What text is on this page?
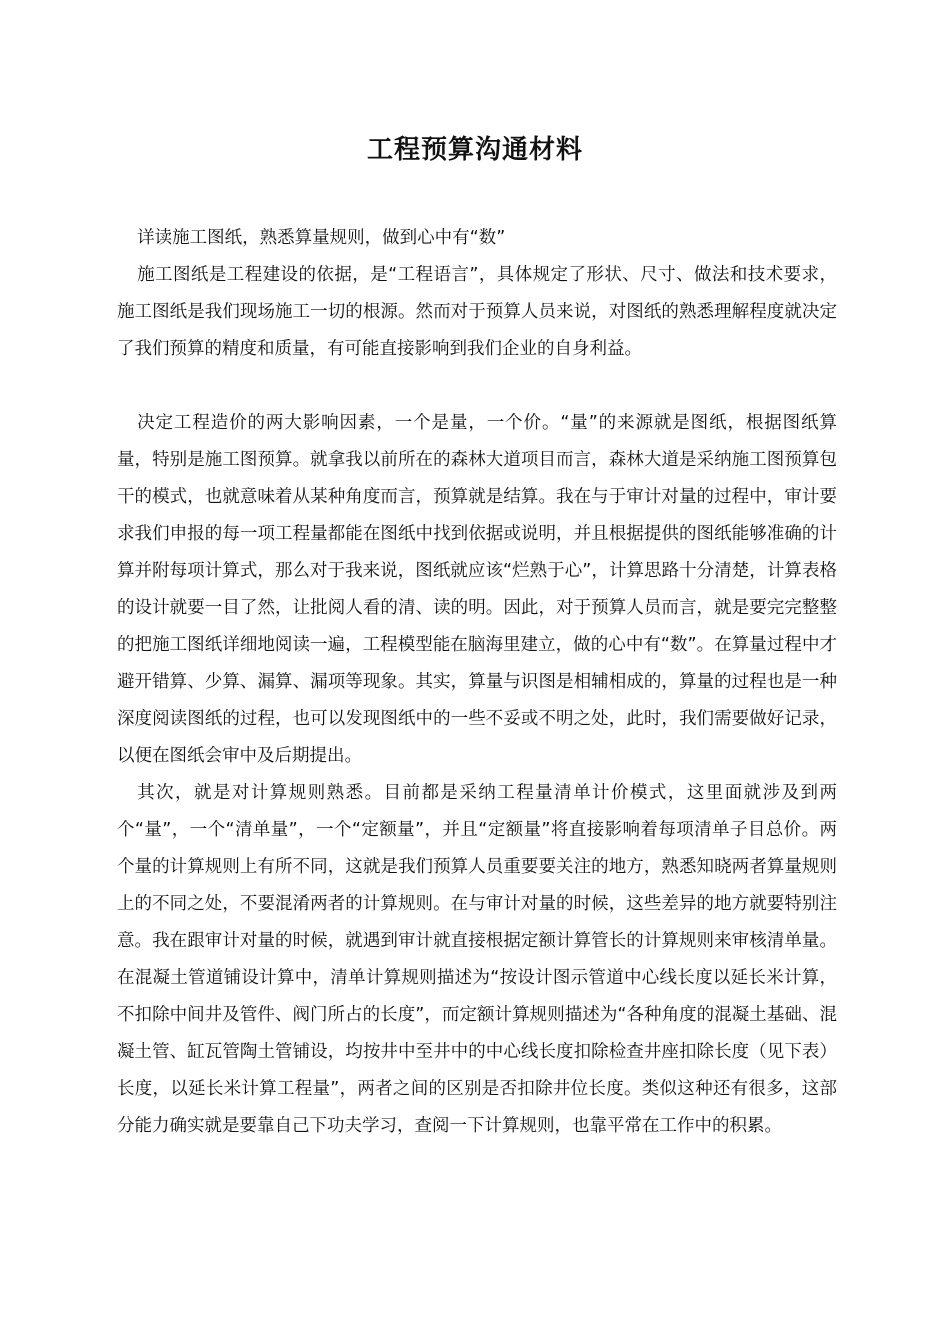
工程预算沟通材料

详读施工图纸，熟悉算量规则，做到心中有“数”

施工图纸是工程建设的依据，是“工程语言”，具体规定了形状、尺寸、做法和技术要求，施工图纸是我们现场施工一切的根源。然而对于预算人员来说，对图纸的熟悉理解程度就决定了我们预算的精度和质量，有可能直接影响到我们企业的自身利益。

决定工程造价的两大影响因素，一个是量，一个价。“量”的来源就是图纸，根据图纸算量，特别是施工图预算。就拿我以前所在的森林大道项目而言，森林大道是采纳施工图预算包干的模式，也就意味着从某种角度而言，预算就是结算。我在与于审计对量的过程中，审计要求我们申报的每一项工程量都能在图纸中找到依据或说明，并且根据提供的图纸能够准确的计算并附每项计算式，那么对于我来说，图纸就应该“烂熟于心”，计算思路十分清楚，计算表格的设计就要一目了然，让批阅人看的清、读的明。因此，对于预算人员而言，就是要完完整整的把施工图纸详细地阅读一遍，工程模型能在脑海里建立，做的心中有“数”。在算量过程中才避开错算、少算、漏算、漏项等现象。其实，算量与识图是相辅相成的，算量的过程也是一种深度阅读图纸的过程，也可以发现图纸中的一些不妥或不明之处，此时，我们需要做好记录，以便在图纸会审中及后期提出。

其次，就是对计算规则熟悉。目前都是采纳工程量清单计价模式，这里面就涉及到两个“量”，一个“清单量”，一个“定额量”，并且“定额量”将直接影响着每项清单子目总价。两个量的计算规则上有所不同，这就是我们预算人员重要要关注的地方，熟悉知晓两者算量规则上的不同之处，不要混淆两者的计算规则。在与审计对量的时候，这些差异的地方就要特别注意。我在跟审计对量的时候，就遇到审计就直接根据定额计算管长的计算规则来审核清单量。在混凝土管道铺设计算中，清单计算规则描述为“按设计图示管道中心线长度以延长米计算，不扣除中间井及管件、阀门所占的长度”，而定额计算规则描述为“各种角度的混凝土基础、混凝土管、缸瓦管陶土管铺设，均按井中至井中的中心线长度扣除检查井座扣除长度（见下表）长度，以延长米计算工程量”，两者之间的区别是否扣除井位长度。类似这种还有很多，这部分能力确实就是要靠自己下功夫学习，查阅一下计算规则，也靠平常在工作中的积累。
